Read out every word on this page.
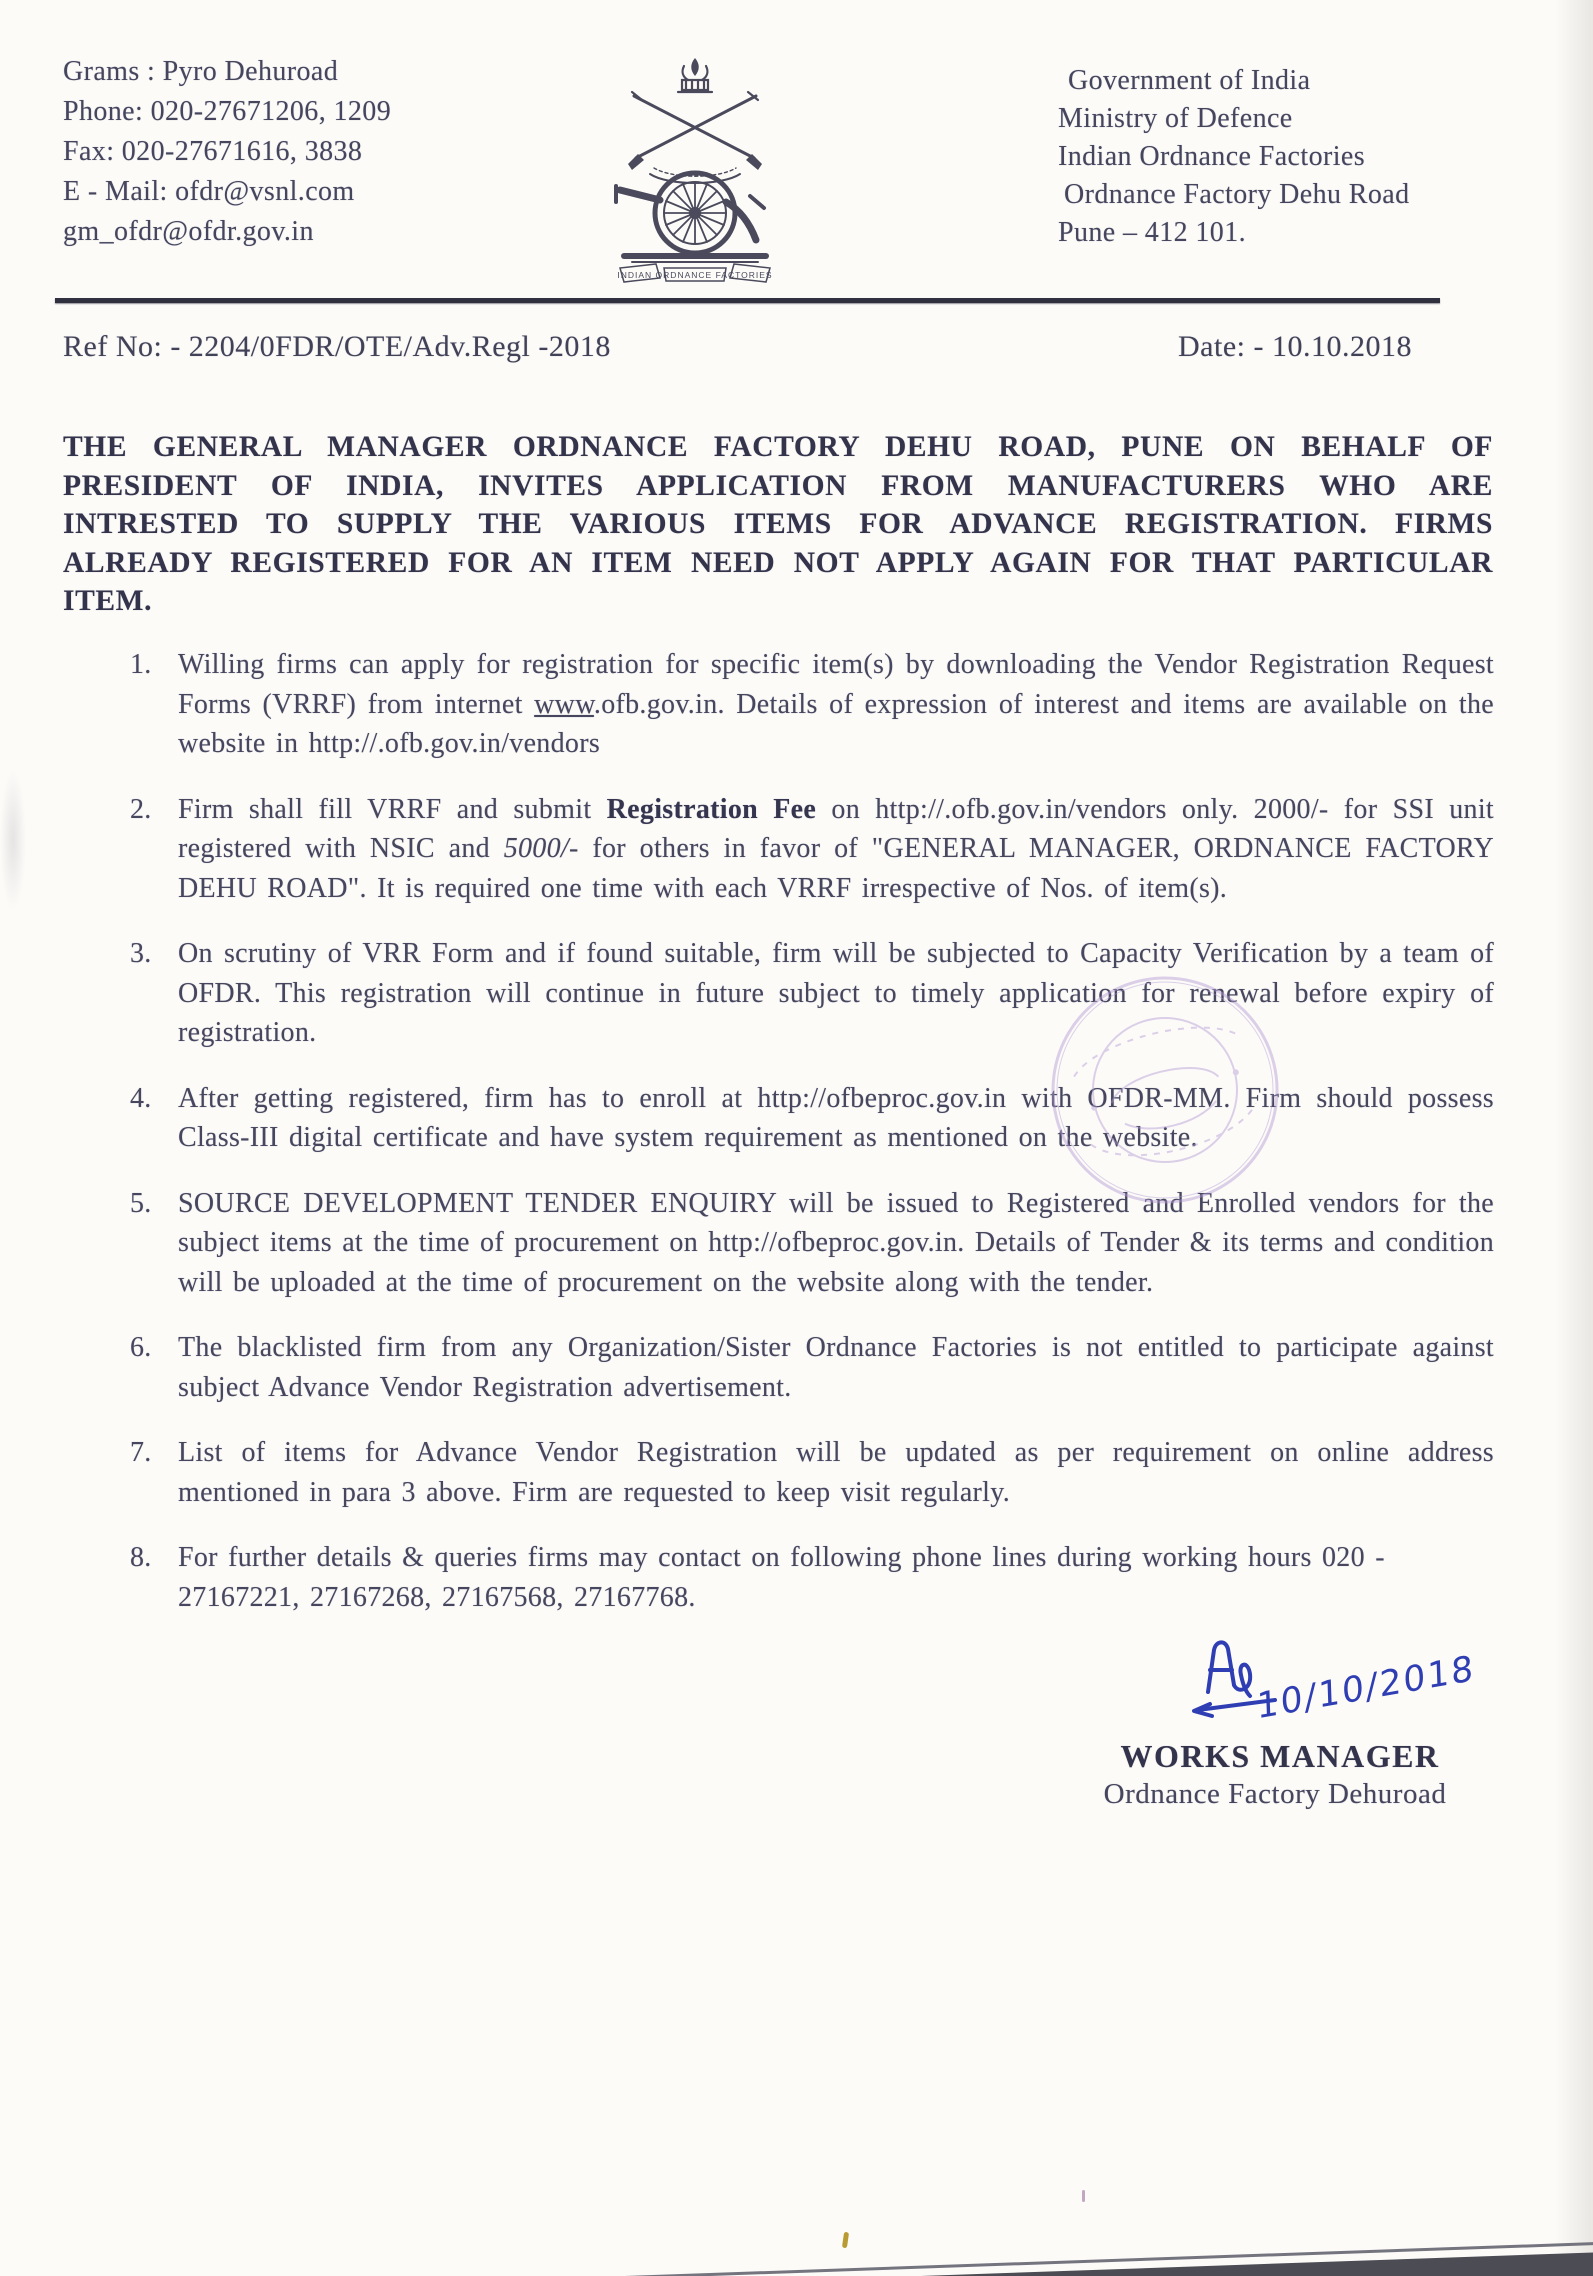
Grams : Pyro Dehuroad
Phone: 020-27671206, 1209
Fax: 020-27671616, 3838
E - Mail: ofdr@vsnl.com
gm_ofdr@ofdr.gov.in
INDIAN ORDNANCE FACTORIES
Government of India
Ministry of Defence
Indian Ordnance Factories
Ordnance Factory Dehu Road
Pune – 412 101.
Ref No: - 2204/0FDR/OTE/Adv.Regl -2018	Date: - 10.10.2018
THE GENERAL MANAGER ORDNANCE FACTORY DEHU ROAD, PUNE ON BEHALF OF PRESIDENT OF INDIA, INVITES APPLICATION FROM MANUFACTURERS WHO ARE INTRESTED TO SUPPLY THE VARIOUS ITEMS FOR ADVANCE REGISTRATION. FIRMS ALREADY REGISTERED FOR AN ITEM NEED NOT APPLY AGAIN FOR THAT PARTICULAR ITEM.
1. Willing firms can apply for registration for specific item(s) by downloading the Vendor Registration Request Forms (VRRF) from internet www.ofb.gov.in. Details of expression of interest and items are available on the website in http://.ofb.gov.in/vendors
2. Firm shall fill VRRF and submit Registration Fee on http://.ofb.gov.in/vendors only. 2000/- for SSI unit registered with NSIC and 5000/- for others in favor of "GENERAL MANAGER, ORDNANCE FACTORY DEHU ROAD". It is required one time with each VRRF irrespective of Nos. of item(s).
3. On scrutiny of VRR Form and if found suitable, firm will be subjected to Capacity Verification by a team of OFDR. This registration will continue in future subject to timely application for renewal before expiry of registration.
4. After getting registered, firm has to enroll at http://ofbeproc.gov.in with OFDR-MM. Firm should possess Class-III digital certificate and have system requirement as mentioned on the website.
5. SOURCE DEVELOPMENT TENDER ENQUIRY will be issued to Registered and Enrolled vendors for the subject items at the time of procurement on http://ofbeproc.gov.in. Details of Tender & its terms and condition will be uploaded at the time of procurement on the website along with the tender.
6. The blacklisted firm from any Organization/Sister Ordnance Factories is not entitled to participate against subject Advance Vendor Registration advertisement.
7. List of items for Advance Vendor Registration will be updated as per requirement on online address mentioned in para 3 above. Firm are requested to keep visit regularly.
8. For further details & queries firms may contact on following phone lines during working hours 020 - 27167221, 27167268, 27167568, 27167768.
10/10/2018
WORKS MANAGER
Ordnance Factory Dehuroad
